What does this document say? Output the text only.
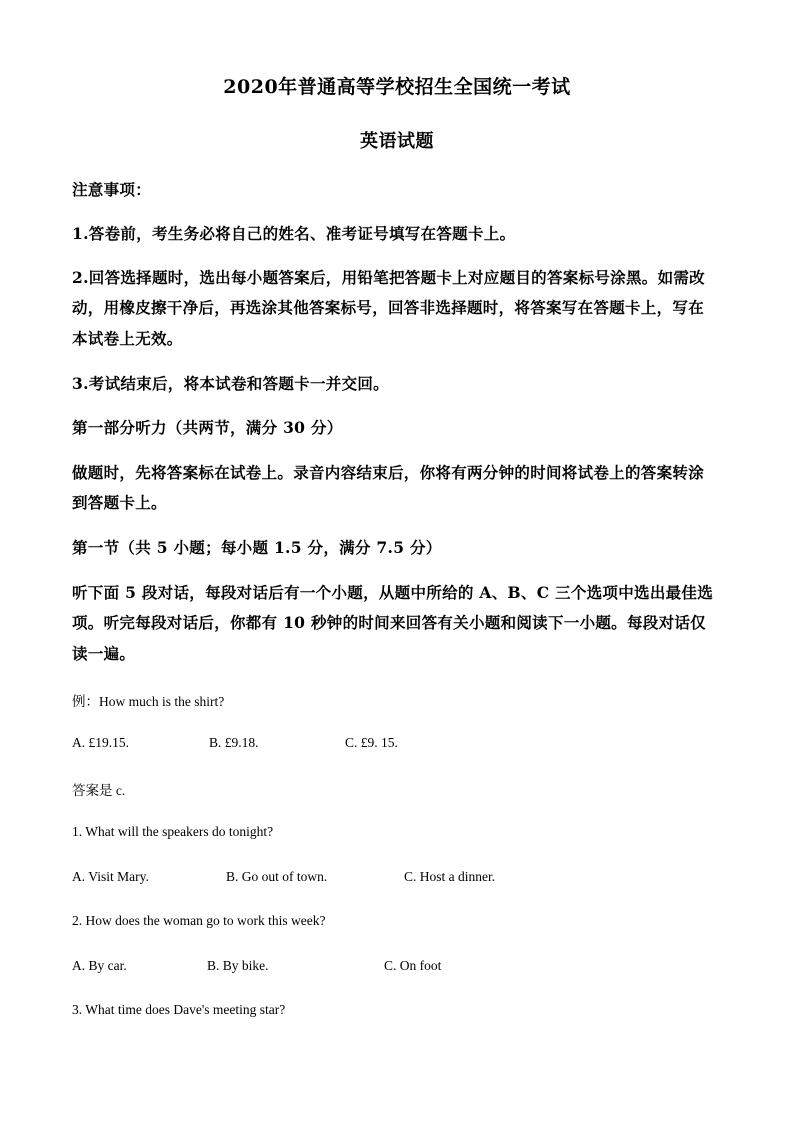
2020年普通高等学校招生全国统一考试
英语试题
注意事项：
1.答卷前，考生务必将自己的姓名、准考证号填写在答题卡上。
2.回答选择题时，选出每小题答案后，用铅笔把答题卡上对应题目的答案标号涂黑。如需改
动，用橡皮擦干净后，再选涂其他答案标号，回答非选择题时，将答案写在答题卡上，写在
本试卷上无效。
3.考试结束后，将本试卷和答题卡一并交回。
第一部分听力（共两节，满分 30 分）
做题时，先将答案标在试卷上。录音内容结束后，你将有两分钟的时间将试卷上的答案转涂
到答题卡上。
第一节（共 5 小题；每小题 1.5 分，满分 7.5 分）
听下面 5 段对话，每段对话后有一个小题，从题中所给的 A、B、C 三个选项中选出最佳选
项。听完每段对话后，你都有 10 秒钟的时间来回答有关小题和阅读下一小题。每段对话仅
读一遍。
例：How much is the shirt?
A. £19.15.	B. £9.18.	C. £9. 15.
答案是 c.
1. What will the speakers do tonight?
A. Visit Mary.	B. Go out of town.	C. Host a dinner.
2. How does the woman go to work this week?
A. By car.	B. By bike.	C. On foot
3. What time does Dave's meeting star?
